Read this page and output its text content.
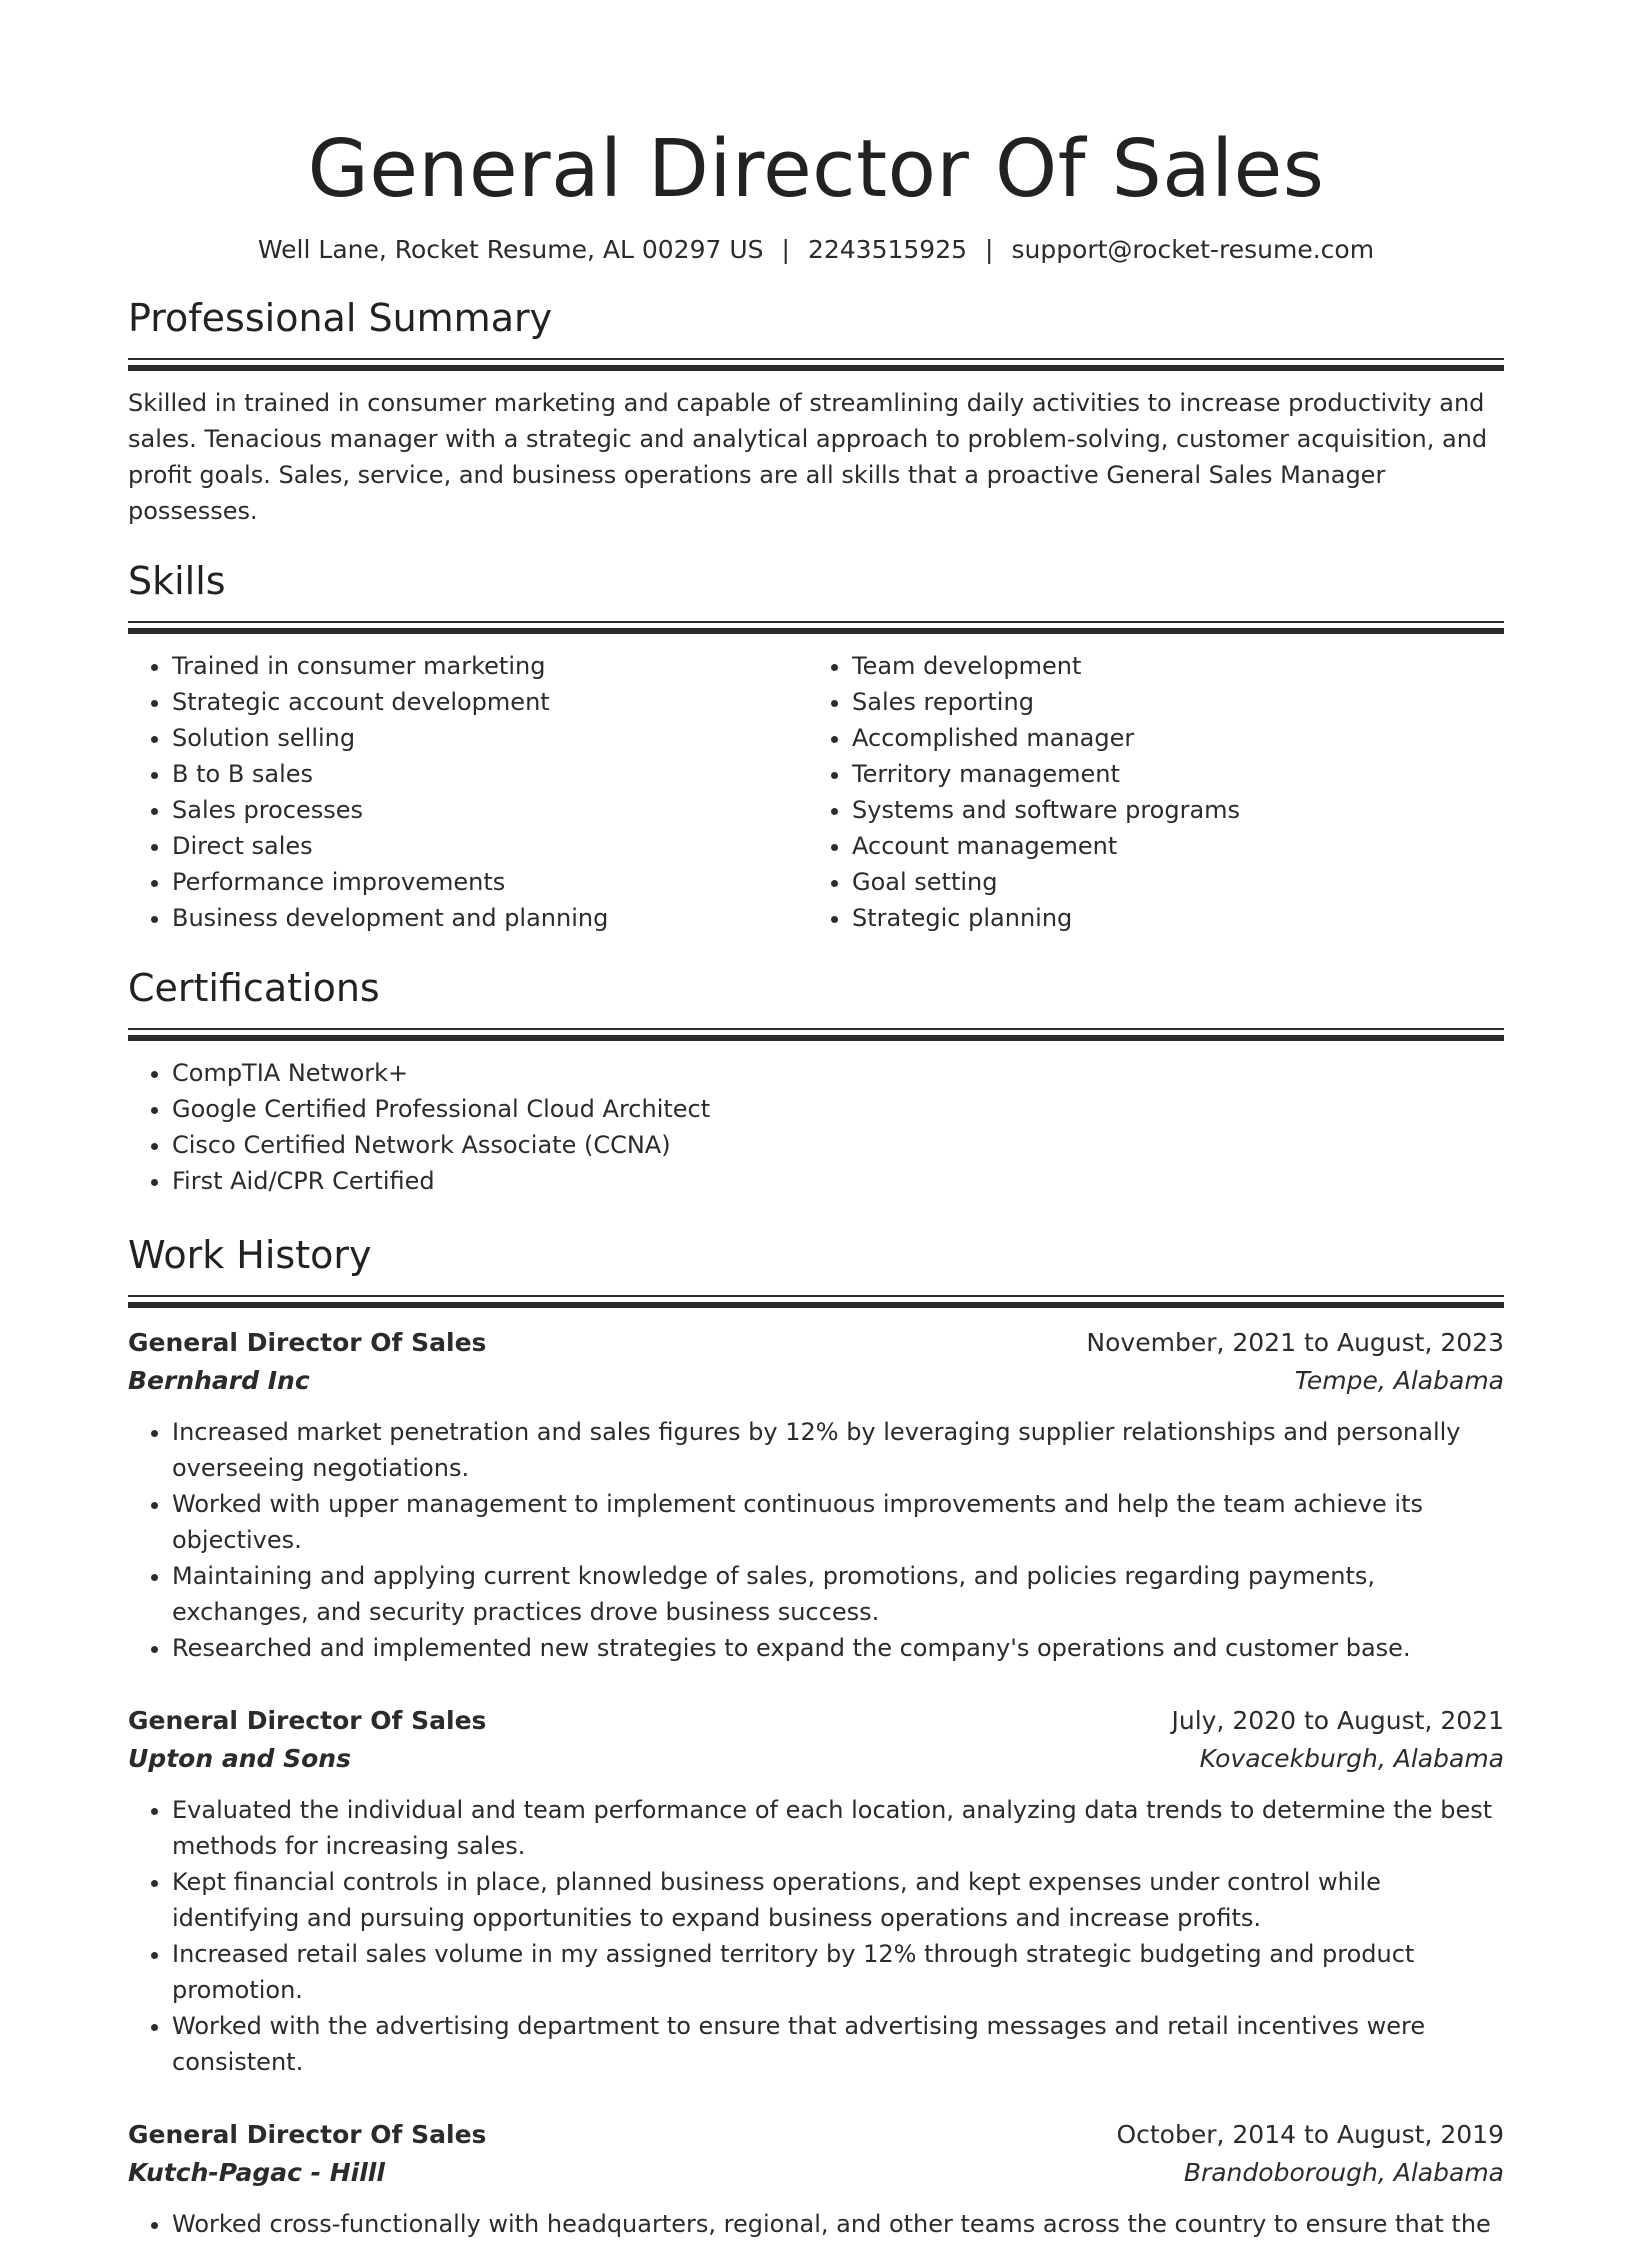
General Director Of Sales
Well Lane, Rocket Resume, AL 00297 US | 2243515925 | support@rocket-resume.com
Professional Summary

Skilled in trained in consumer marketing and capable of streamlining daily activities to increase productivity and sales. Tenacious manager with a strategic and analytical approach to problem-solving, customer acquisition, and profit goals. Sales, service, and business operations are all skills that a proactive General Sales Manager possesses.

Skills
• Trained in consumer marketing
• Strategic account development
• Solution selling
• B to B sales
• Sales processes
• Direct sales
• Performance improvements
• Business development and planning
• Team development
• Sales reporting
• Accomplished manager
• Territory management
• Systems and software programs
• Account management
• Goal setting
• Strategic planning
Certifications
• CompTIA Network+
• Google Certified Professional Cloud Architect
• Cisco Certified Network Associate (CCNA)
• First Aid/CPR Certified
Work History
General Director Of Sales	November, 2021 to August, 2023
Bernhard Inc	Tempe, Alabama
• Increased market penetration and sales figures by 12% by leveraging supplier relationships and personally overseeing negotiations.
• Worked with upper management to implement continuous improvements and help the team achieve its objectives.
• Maintaining and applying current knowledge of sales, promotions, and policies regarding payments, exchanges, and security practices drove business success.
• Researched and implemented new strategies to expand the company's operations and customer base.
General Director Of Sales	July, 2020 to August, 2021
Upton and Sons	Kovacekburgh, Alabama
• Evaluated the individual and team performance of each location, analyzing data trends to determine the best methods for increasing sales.
• Kept financial controls in place, planned business operations, and kept expenses under control while identifying and pursuing opportunities to expand business operations and increase profits.
• Increased retail sales volume in my assigned territory by 12% through strategic budgeting and product promotion.
• Worked with the advertising department to ensure that advertising messages and retail incentives were consistent.
General Director Of Sales	October, 2014 to August, 2019
Kutch-Pagac - Hilll	Brandoborough, Alabama
• Worked cross-functionally with headquarters, regional, and other teams across the country to ensure that the
